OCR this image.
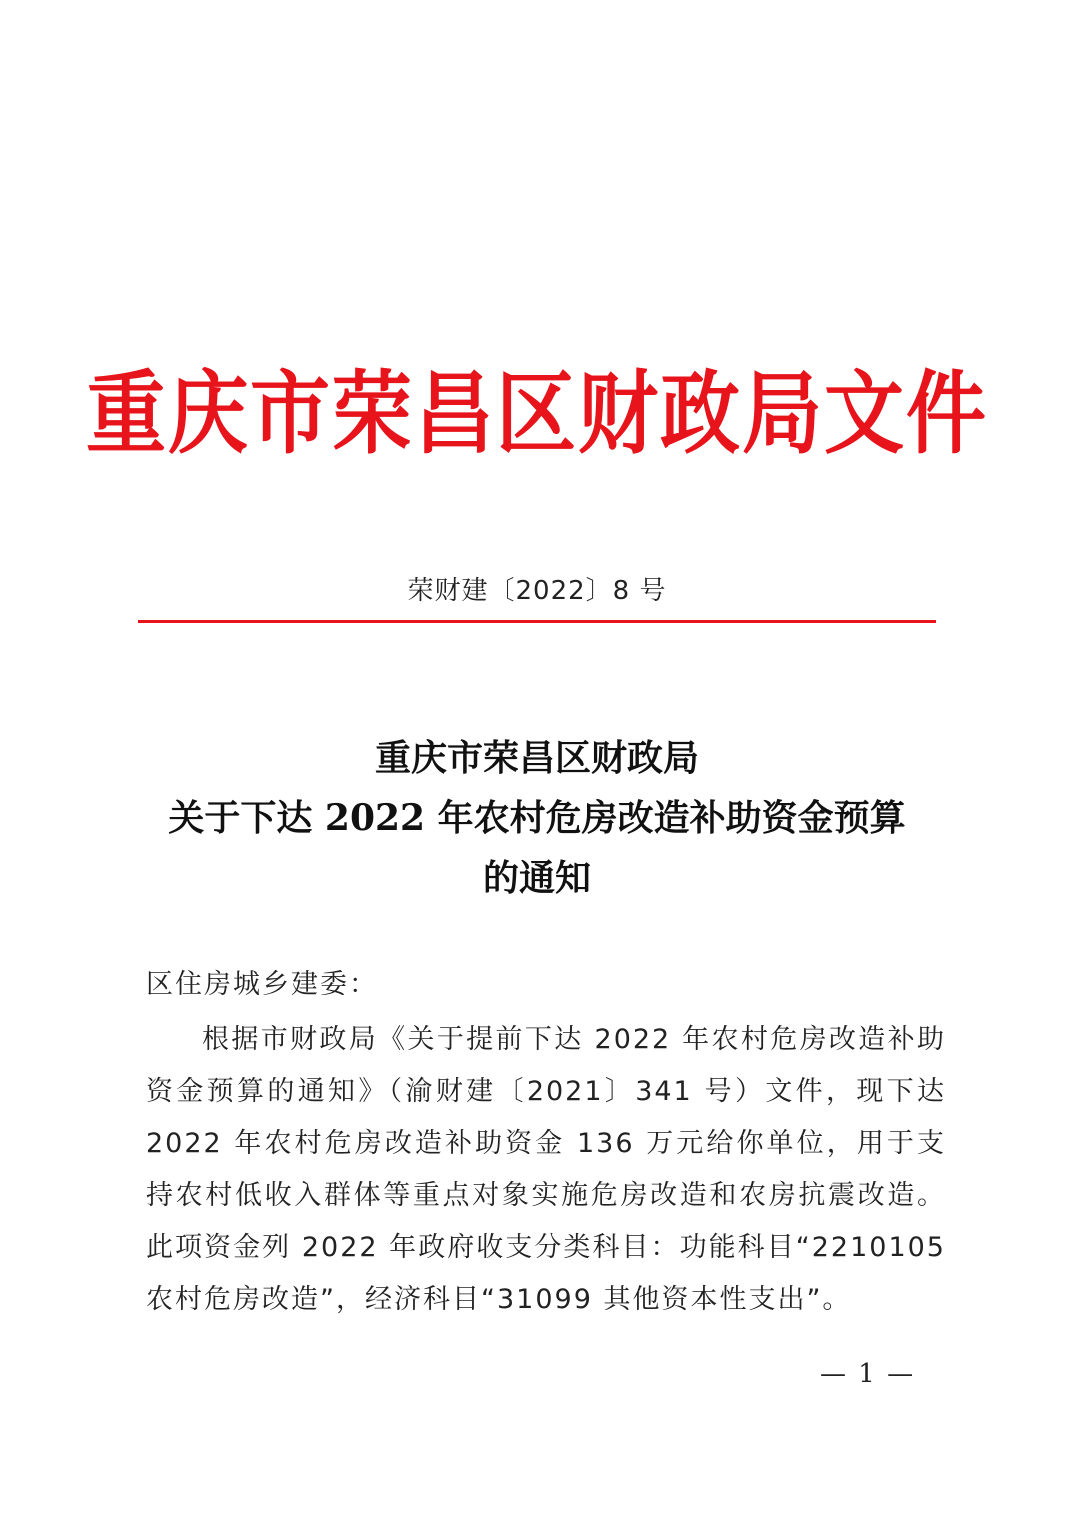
重庆市荣昌区财政局文件
荣财建〔2022〕8 号
重庆市荣昌区财政局
关于下达 2022 年农村危房改造补助资金预算
的通知
区住房城乡建委：
根据市财政局《关于提前下达 2022 年农村危房改造补助资金预算的通知》（渝财建〔2021〕341 号）文件，现下达 2022 年农村危房改造补助资金 136 万元给你单位，用于支持农村低收入群体等重点对象实施危房改造和农房抗震改造。此项资金列 2022 年政府收支分类科目：功能科目“2210105 农村危房改造”，经济科目“31099 其他资本性支出”。
— 1 —
